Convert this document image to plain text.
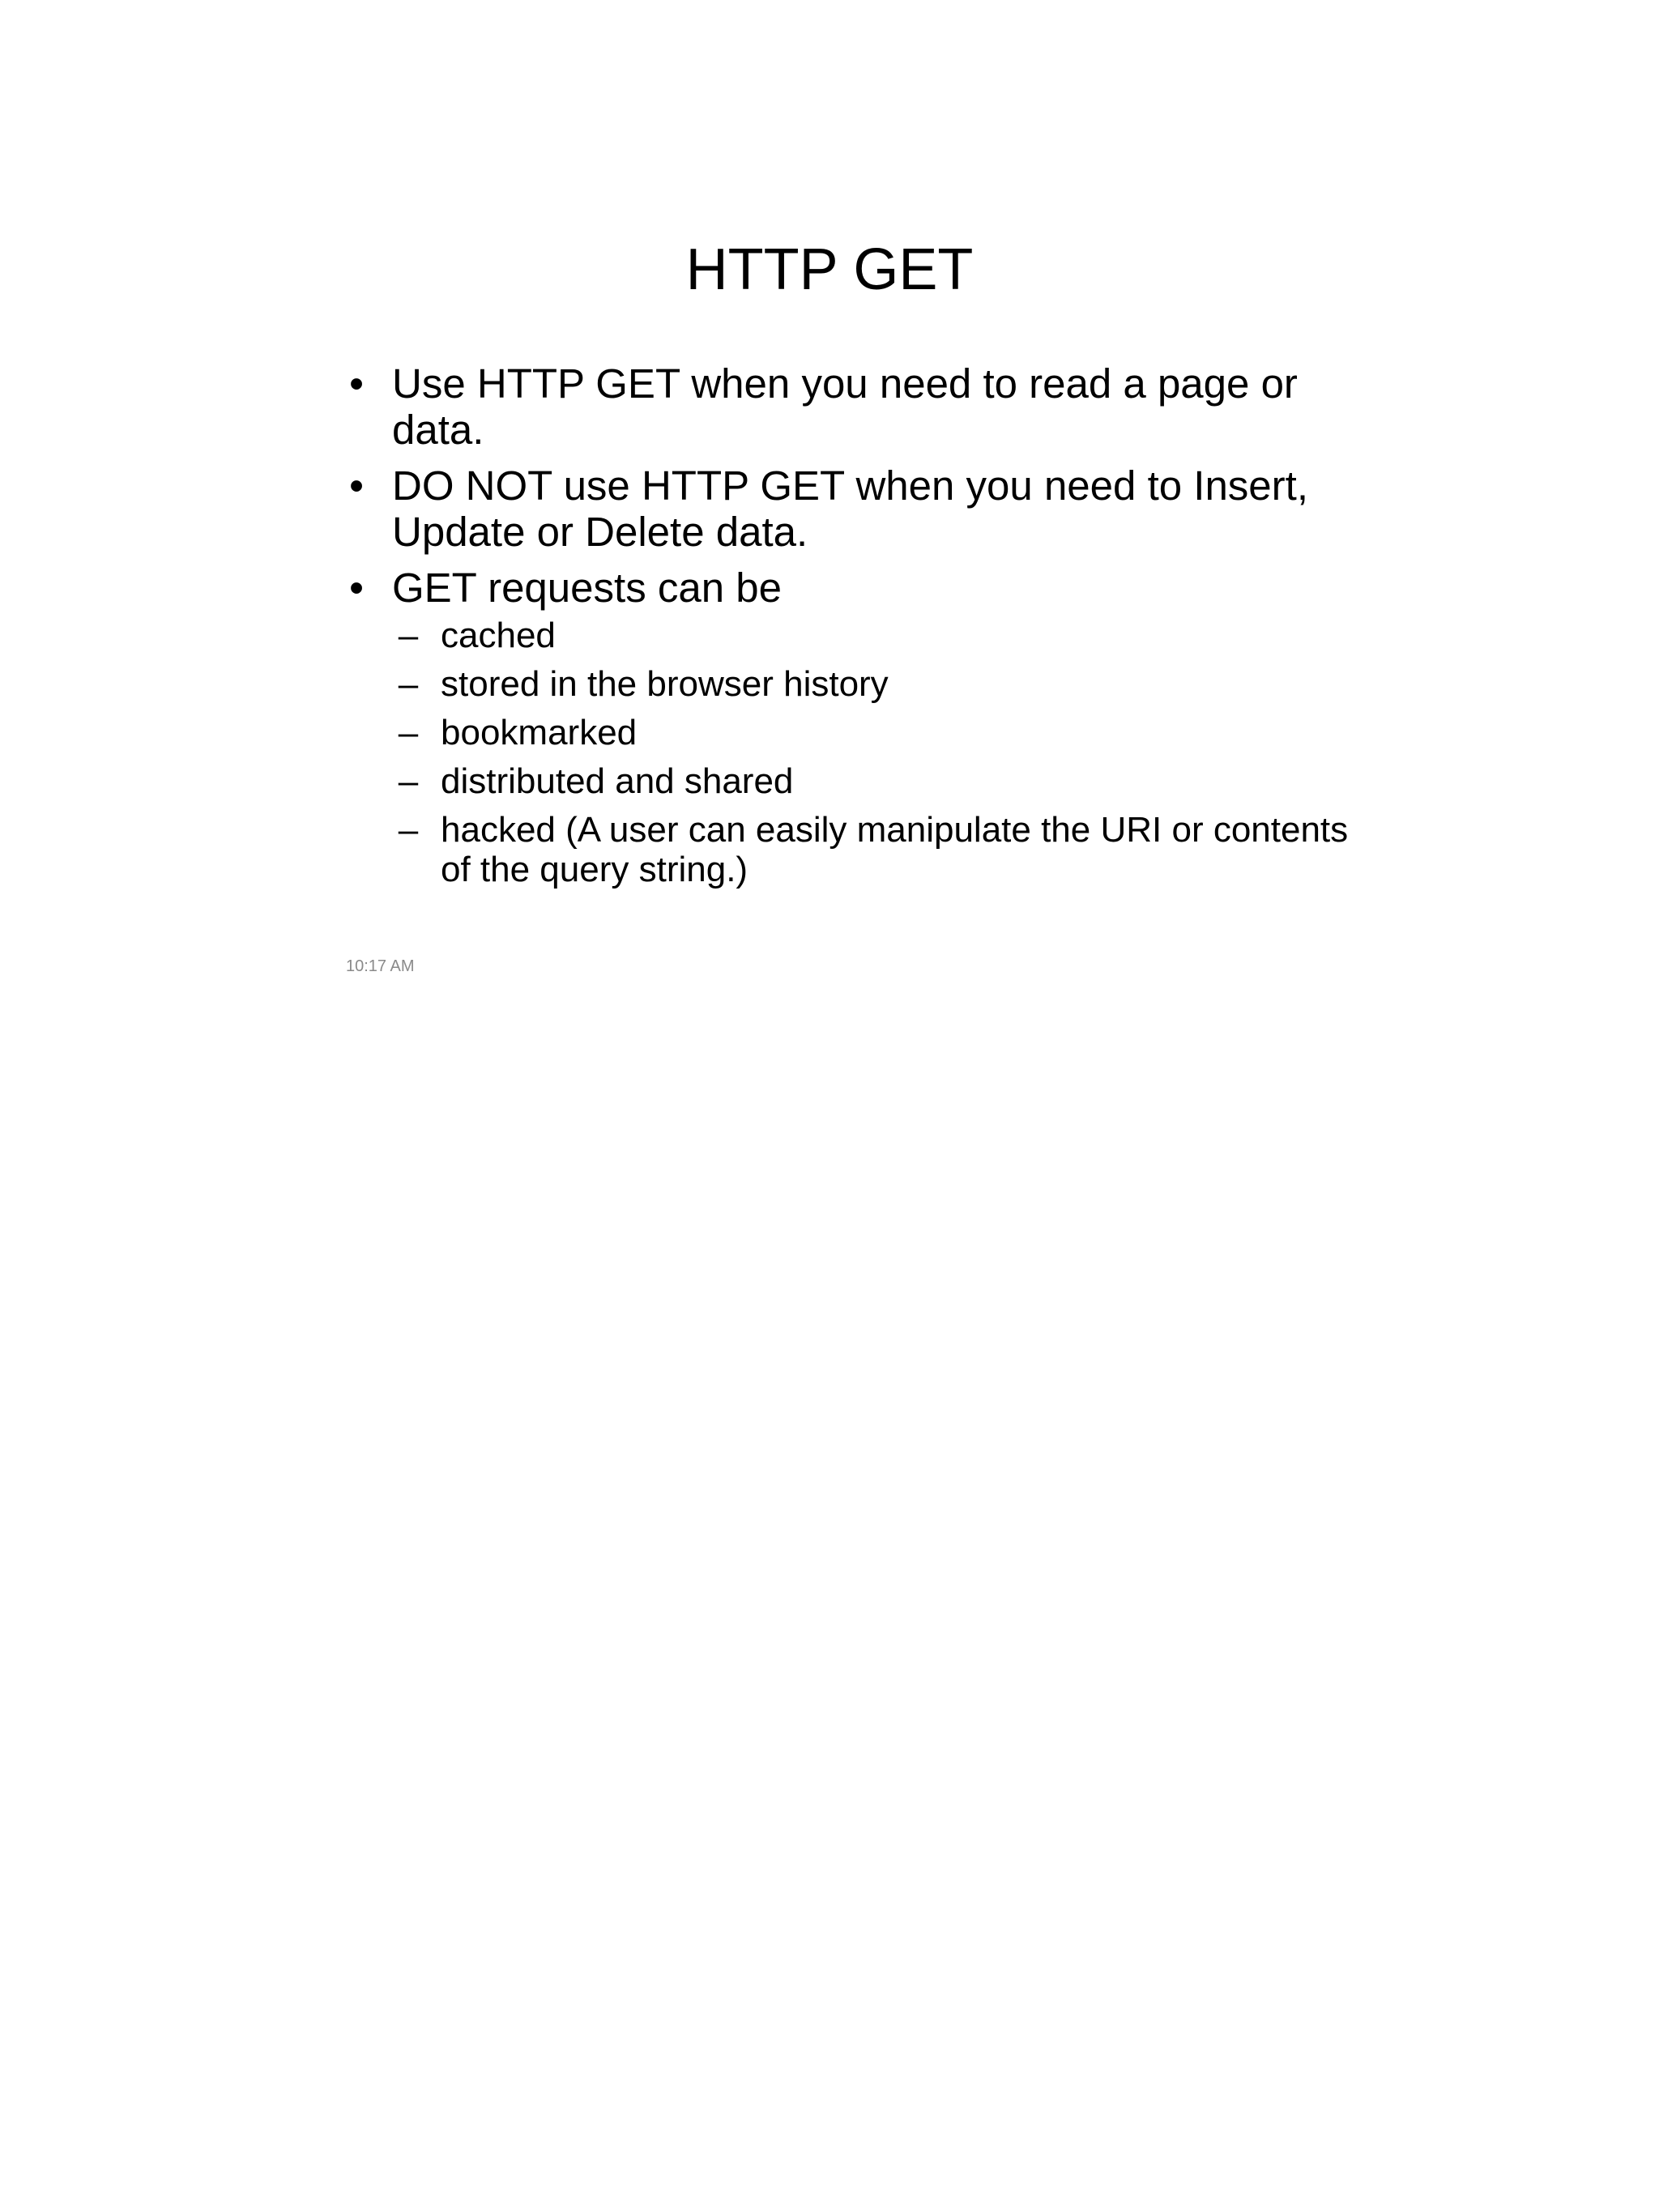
HTTP GET
• Use HTTP GET when you need to read a page or data.
• DO NOT use HTTP GET when you need to Insert, Update or Delete data.
• GET requests can be
– cached
– stored in the browser history
– bookmarked
– distributed and shared
– hacked (A user can easily manipulate the URI or contents of the query string.)
10:17 AM
